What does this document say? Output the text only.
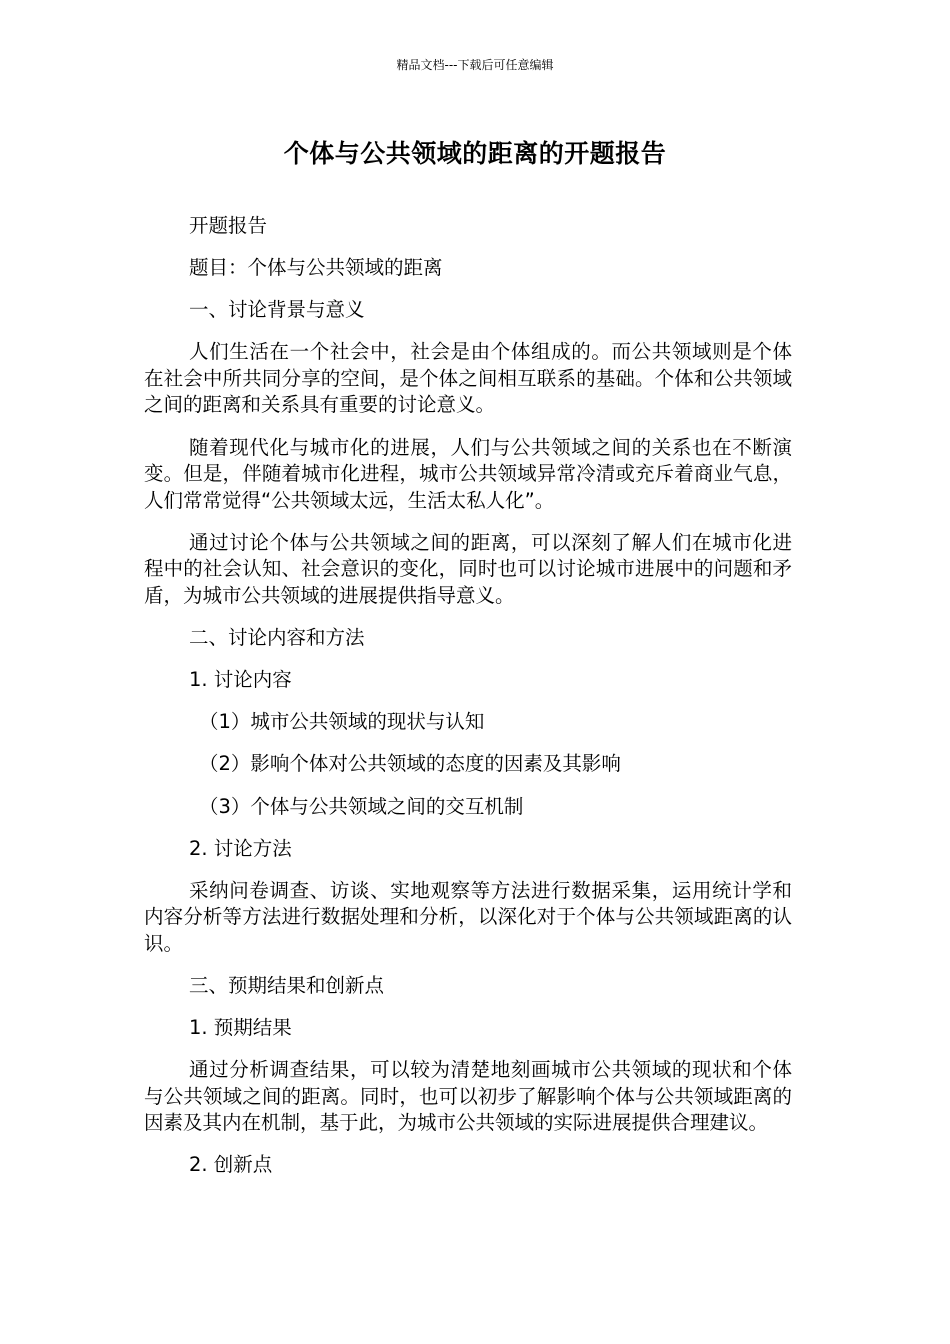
精品文档---下载后可任意编辑
个体与公共领域的距离的开题报告

开题报告

题目：个体与公共领域的距离

一、讨论背景与意义

人们生活在一个社会中，社会是由个体组成的。而公共领域则是个体在社会中所共同分享的空间，是个体之间相互联系的基础。个体和公共领域之间的距离和关系具有重要的讨论意义。

随着现代化与城市化的进展，人们与公共领域之间的关系也在不断演变。但是，伴随着城市化进程，城市公共领域异常冷清或充斥着商业气息，人们常常觉得“公共领域太远，生活太私人化”。

通过讨论个体与公共领域之间的距离，可以深刻了解人们在城市化进程中的社会认知、社会意识的变化，同时也可以讨论城市进展中的问题和矛盾，为城市公共领域的进展提供指导意义。

二、讨论内容和方法

1. 讨论内容

（1）城市公共领域的现状与认知

（2）影响个体对公共领域的态度的因素及其影响

（3）个体与公共领域之间的交互机制

2. 讨论方法

采纳问卷调查、访谈、实地观察等方法进行数据采集，运用统计学和内容分析等方法进行数据处理和分析，以深化对于个体与公共领域距离的认识。

三、预期结果和创新点

1. 预期结果

通过分析调查结果，可以较为清楚地刻画城市公共领域的现状和个体与公共领域之间的距离。同时，也可以初步了解影响个体与公共领域距离的因素及其内在机制，基于此，为城市公共领域的实际进展提供合理建议。

2. 创新点
